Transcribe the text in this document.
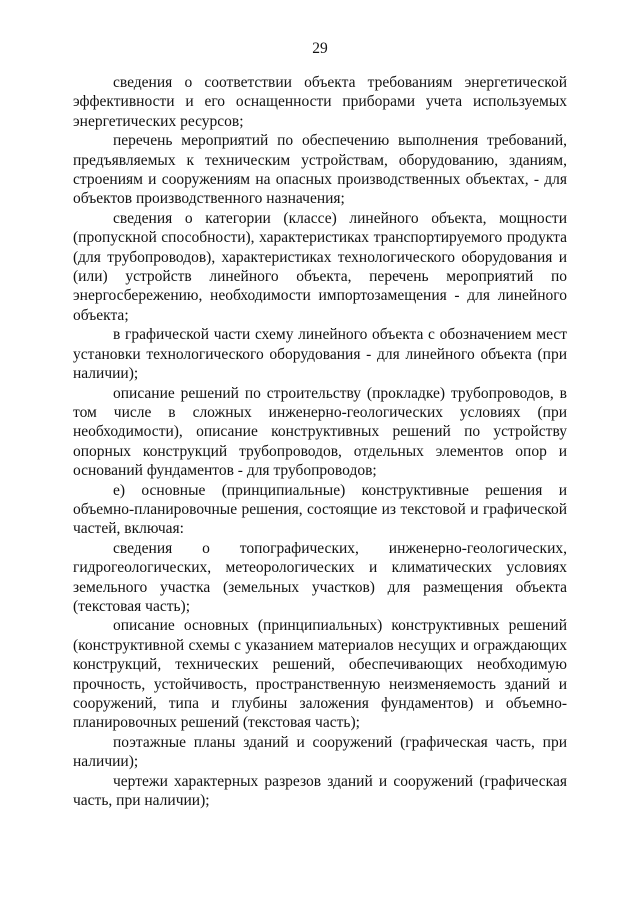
29

сведения о соответствии объекта требованиям энергетической эффективности и его оснащенности приборами учета используемых энергетических ресурсов;

перечень мероприятий по обеспечению выполнения требований, предъявляемых к техническим устройствам, оборудованию, зданиям, строениям и сооружениям на опасных производственных объектах, - для объектов производственного назначения;

сведения о категории (классе) линейного объекта, мощности (пропускной способности), характеристиках транспортируемого продукта (для трубопроводов), характеристиках технологического оборудования и (или) устройств линейного объекта, перечень мероприятий по энергосбережению, необходимости импортозамещения - для линейного объекта;

в графической части схему линейного объекта с обозначением мест установки технологического оборудования - для линейного объекта (при наличии);

описание решений по строительству (прокладке) трубопроводов, в том числе в сложных инженерно-геологических условиях (при необходимости), описание конструктивных решений по устройству опорных конструкций трубопроводов, отдельных элементов опор и оснований фундаментов - для трубопроводов;

е) основные (принципиальные) конструктивные решения и объемно-планировочные решения, состоящие из текстовой и графической частей, включая:

сведения о топографических, инженерно-геологических, гидрогеологических, метеорологических и климатических условиях земельного участка (земельных участков) для размещения объекта (текстовая часть);

описание основных (принципиальных) конструктивных решений (конструктивной схемы с указанием материалов несущих и ограждающих конструкций, технических решений, обеспечивающих необходимую прочность, устойчивость, пространственную неизменяемость зданий и сооружений, типа и глубины заложения фундаментов) и объемно-планировочных решений (текстовая часть);

поэтажные планы зданий и сооружений (графическая часть, при наличии);

чертежи характерных разрезов зданий и сооружений (графическая часть, при наличии);
